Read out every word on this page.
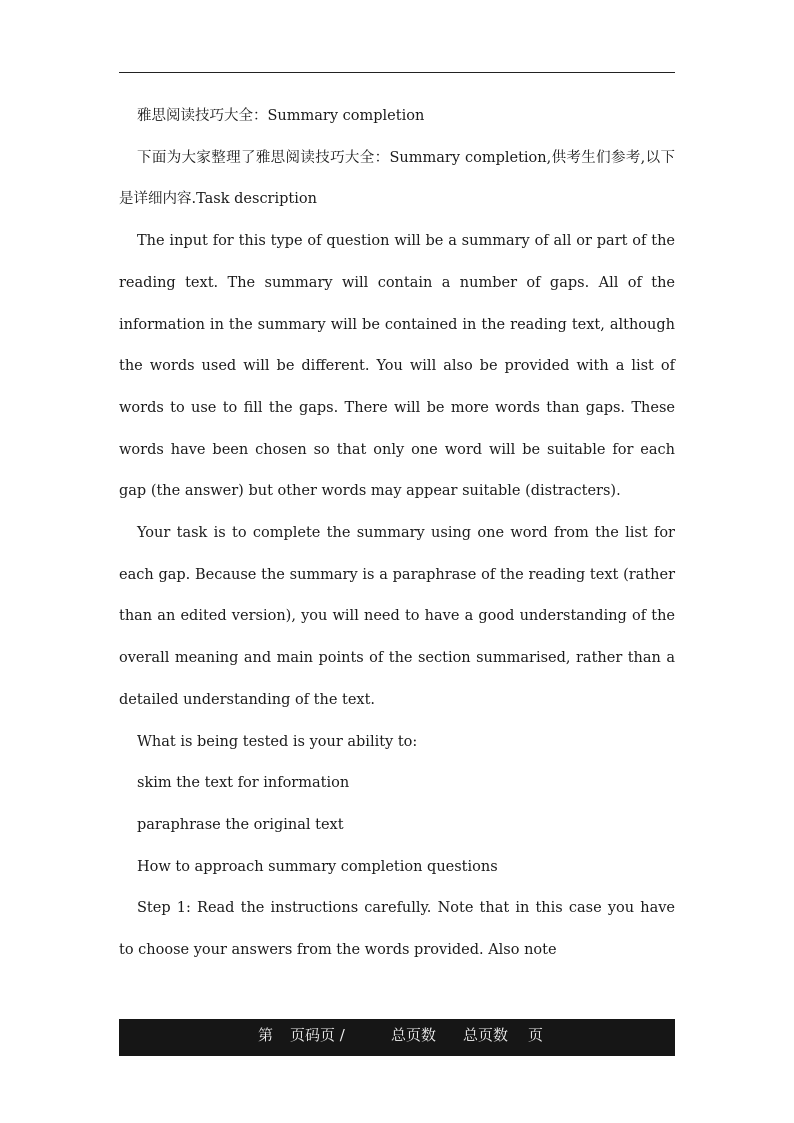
雅思阅读技巧大全：Summary completion

下面为大家整理了雅思阅读技巧大全：Summary completion,供考生们参考,以下是详细内容.Task description

The input for this type of question will be a summary of all or part of the reading text. The summary will contain a number of gaps. All of the information in the summary will be contained in the reading text, although the words used will be different. You will also be provided with a list of words to use to fill the gaps. There will be more words than gaps. These words have been chosen so that only one word will be suitable for each gap (the answer) but other words may appear suitable (distracters).

Your task is to complete the summary using one word from the list for each gap. Because the summary is a paraphrase of the reading text (rather than an edited version), you will need to have a good understanding of the overall meaning and main points of the section summarised, rather than a detailed understanding of the text.

What is being tested is your ability to:

skim the text for information

paraphrase the original text

How to approach summary completion questions

Step 1: Read the instructions carefully. Note that in this case you have to choose your answers from the words provided. Also note

第 页码页 /	总页数 总页数 页
